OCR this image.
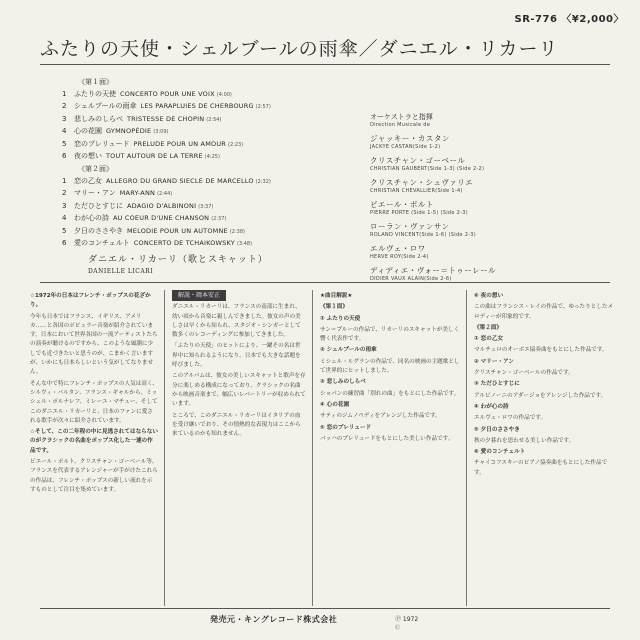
SR-776 〈¥2,000〉
ふたりの天使・シェルブールの雨傘／ダニエル・リカーリ
《第１面》
1 ふたりの天使 CONCERTO POUR UNE VOIX (4:00)
2 シェルブールの雨傘 LES PARAPLUIES DE CHERBOURG (2:57)
3 悲しみのしらべ TRISTESSE DE CHOPIN (2:54)
4 心の花園 GYMNOPÉDIE (3:09)
5 恋のプレリュード PRELUDE POUR UN AMOUR (2:23)
6 夜の想い TOUT AUTOUR DE LA TERRE (4:25)
《第２面》
1 恋の乙女 ALLEGRO DU GRAND SIECLE DE MARCELLO (2:32)
2 マリー・アン MARY-ANN (2:44)
3 ただひとすじに ADAGIO D'ALBINONI (3:37)
4 わが心の詩 AU COEUR D'UNE CHANSON (2:37)
5 夕日のささやき MELODIE POUR UN AUTOMNE (2:38)
6 愛のコンチェルト CONCERTO DE TCHAIKOWSKY (3:48)
ダニエル・リカーリ（歌とスキャット）
DANIELLE LICARI
オーケストラと指揮
Direction Musicale de
ジャッキー・カスタン
JACKYE CASTAN(Side 1-2)
クリスチャン・ゴーベール
CHRISTIAN GAUBERT(Side 1-3) (Side 2-2)
クリスチャン・シュヴァリエ
CHRISTIAN CHEVALLIER(Side 1-4)
ピエール・ポルト
PIERRE PORTE (Side 1-5) (Side 2-3)
ローラン・ヴァンサン
ROLAND VINCENT(Side 1-6) (Side 2-3)
エルヴェ・ロワ
HERVE ROY(Side 2-4)
ディディエ・ヴォー＝トゥーレール
DIDIER VAUX ALAIN(Side 2-6)

☆1972年の日本はフレンチ・ポップスの花ざかり。

今年も日本ではフランス、イギリス、アメリカ……と各国のポピュラー音楽が紹介されています。日本において世界各国の一流アーティストたちの演奏が聴けるのですから、このような風潮に少しでも近づきたいと思うのが、こまかく言いますが、いかにも日本らしいという気がしてなりません。

そんな中で特にフレンチ・ポップスの人気は高く、シルヴィ・バルタン、フランス・ギャルから、ミッシェル・ポルナレフ、ミレーユ・マチュー、そしてこのダニエル・リカーリと、日本のファンに愛される歌手が次々に紹介されています。

☆そして、この二年程の中に見逃されてはならないのがクラシックの名曲をポップス化した一連の作品です。

ピエール・ポルト、クリスチャン・ゴーベール等、フランスを代表するアレンジャーが手がけたこれらの作品は、フレンチ・ポップスの新しい流れを示すものとして注目を集めています。

解説・岡本安正

ダニエル・リカーリは、フランスの南部に生まれ、幼い頃から音楽に親しんできました。彼女の声の美しさは早くから知られ、スタジオ・シンガーとして数多くのレコーディングに参加してきました。

「ふたりの天使」のヒットにより、一躍その名は世界中に知られるようになり、日本でも大きな話題を呼びました。

このアルバムは、彼女の美しいスキャットと歌声を存分に楽しめる構成になっており、クラシックの名曲から映画音楽まで、幅広いレパートリーが収められています。

ところで、このダニエル・リカーリはイタリアの血を受け継いでおり、その情熱的な表現力はここから来ているのかも知れません。

★曲目解説★

《第１面》

① ふたりの天使

サン＝プルーの作品で、リカーリのスキャットが美しく響く代表作です。

② シェルブールの雨傘

ミシェル・ルグランの作品で、同名の映画の主題歌として世界的にヒットしました。

③ 悲しみのしらべ

ショパンの練習曲「別れの曲」をもとにした作品です。

④ 心の花園

サティのジムノペディをアレンジした作品です。

⑤ 恋のプレリュード

バッハのプレリュードをもとにした美しい作品です。

⑥ 夜の想い

この曲はフランシス・レイの作品で、ゆったりとしたメロディーが印象的です。

《第２面》

① 恋の乙女

マルチェロのオーボエ協奏曲をもとにした作品です。

② マリー・アン

クリスチャン・ゴーベールの作品です。

③ ただひとすじに

アルビノーニのアダージョをアレンジした作品です。

④ わが心の詩

エルヴェ・ロワの作品です。

⑤ 夕日のささやき

秋の夕暮れを思わせる美しい作品です。

⑥ 愛のコンチェルト

チャイコフスキーのピアノ協奏曲をもとにした作品です。

発売元・キングレコード株式会社	Ⓟ 1972
Ⓒ
